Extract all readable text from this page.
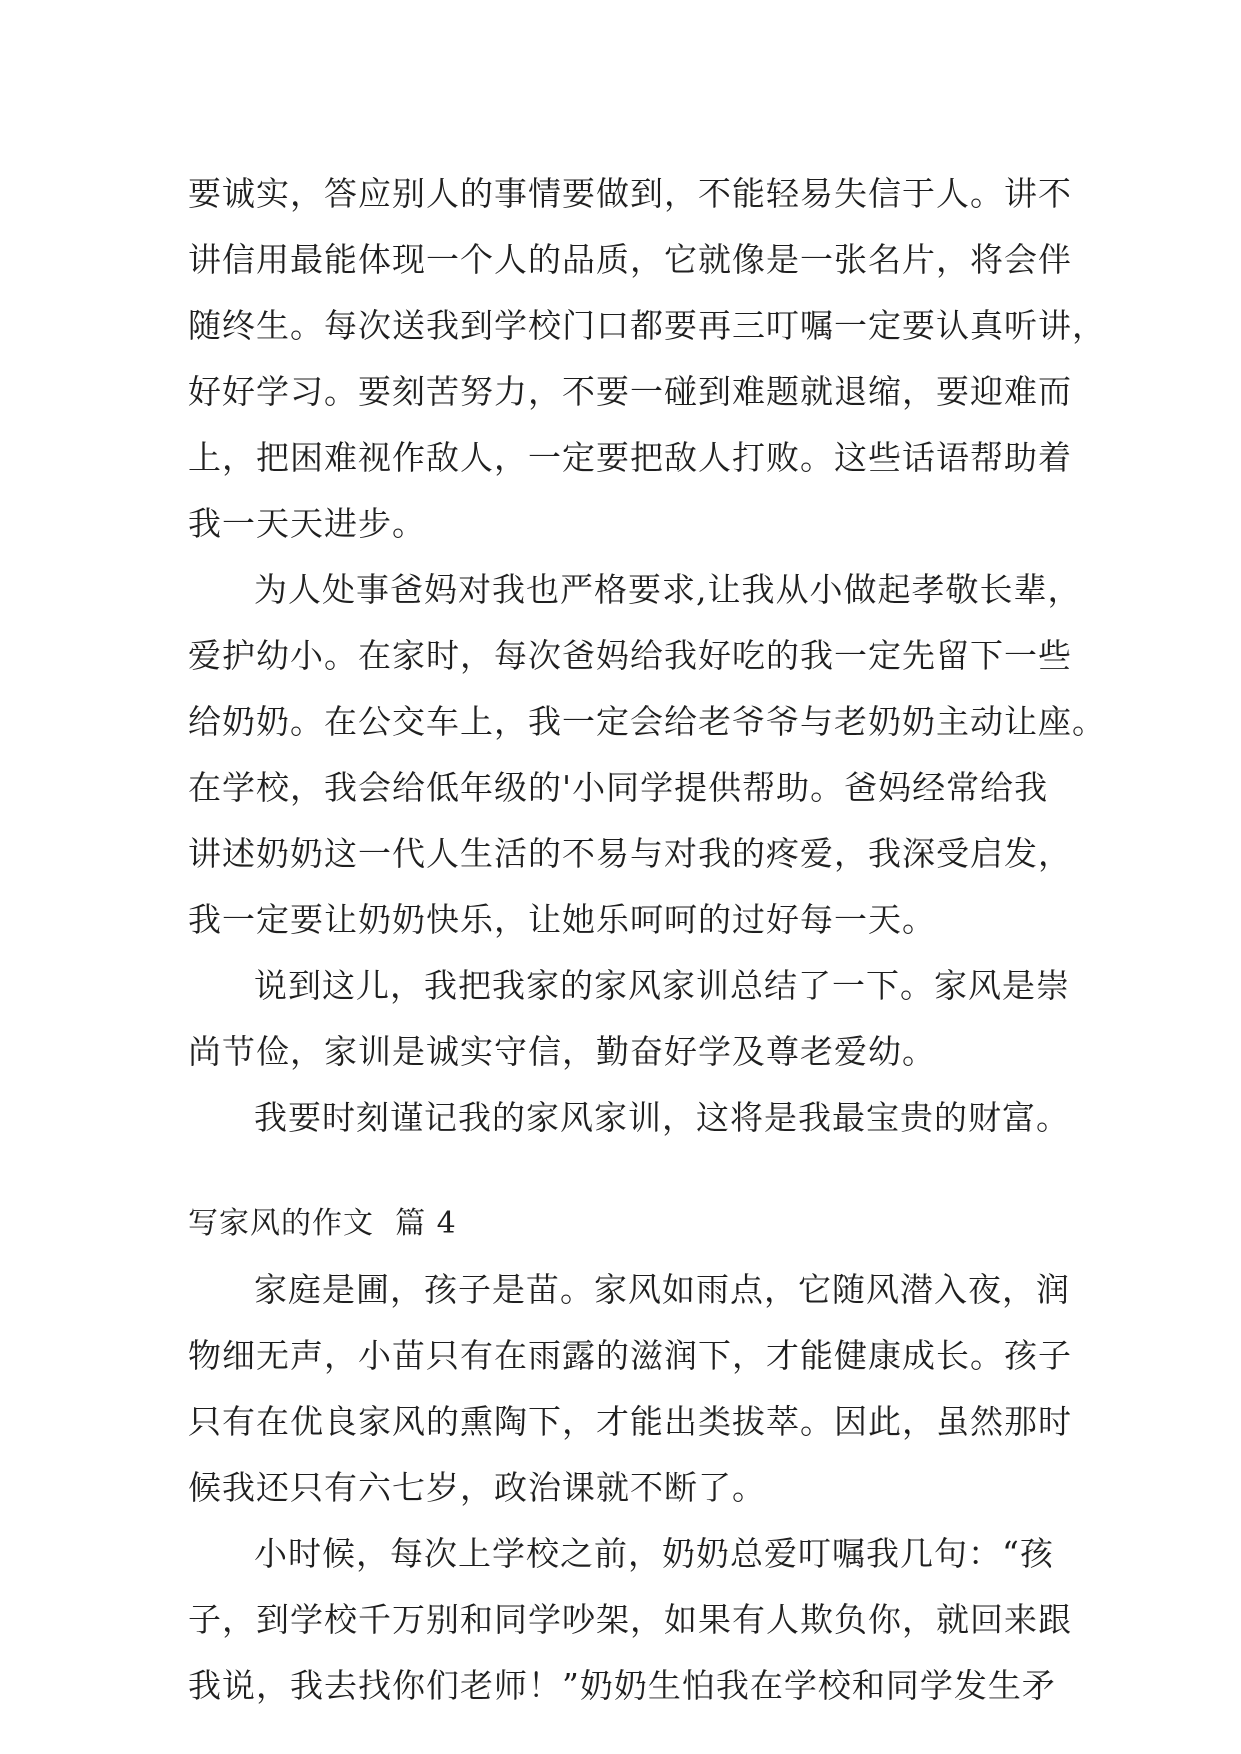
要诚实，答应别人的事情要做到，不能轻易失信于人。讲不
讲信用最能体现一个人的品质，它就像是一张名片，将会伴
随终生。每次送我到学校门口都要再三叮嘱一定要认真听讲，
好好学习。要刻苦努力，不要一碰到难题就退缩，要迎难而
上，把困难视作敌人，一定要把敌人打败。这些话语帮助着
我一天天进步。
为人处事爸妈对我也严格要求,让我从小做起孝敬长辈，
爱护幼小。在家时，每次爸妈给我好吃的我一定先留下一些
给奶奶。在公交车上，我一定会给老爷爷与老奶奶主动让座。
在学校，我会给低年级的'小同学提供帮助。爸妈经常给我
讲述奶奶这一代人生活的不易与对我的疼爱，我深受启发，
我一定要让奶奶快乐，让她乐呵呵的过好每一天。
说到这儿，我把我家的家风家训总结了一下。家风是崇
尚节俭，家训是诚实守信，勤奋好学及尊老爱幼。
我要时刻谨记我的家风家训，这将是我最宝贵的财富。
写家风的作文  篇 4
家庭是圃，孩子是苗。家风如雨点，它随风潜入夜，润
物细无声，小苗只有在雨露的滋润下，才能健康成长。孩子
只有在优良家风的熏陶下，才能出类拔萃。因此，虽然那时
候我还只有六七岁，政治课就不断了。
小时候，每次上学校之前，奶奶总爱叮嘱我几句：“孩
子，到学校千万别和同学吵架，如果有人欺负你，就回来跟
我说，我去找你们老师！”奶奶生怕我在学校和同学发生矛
